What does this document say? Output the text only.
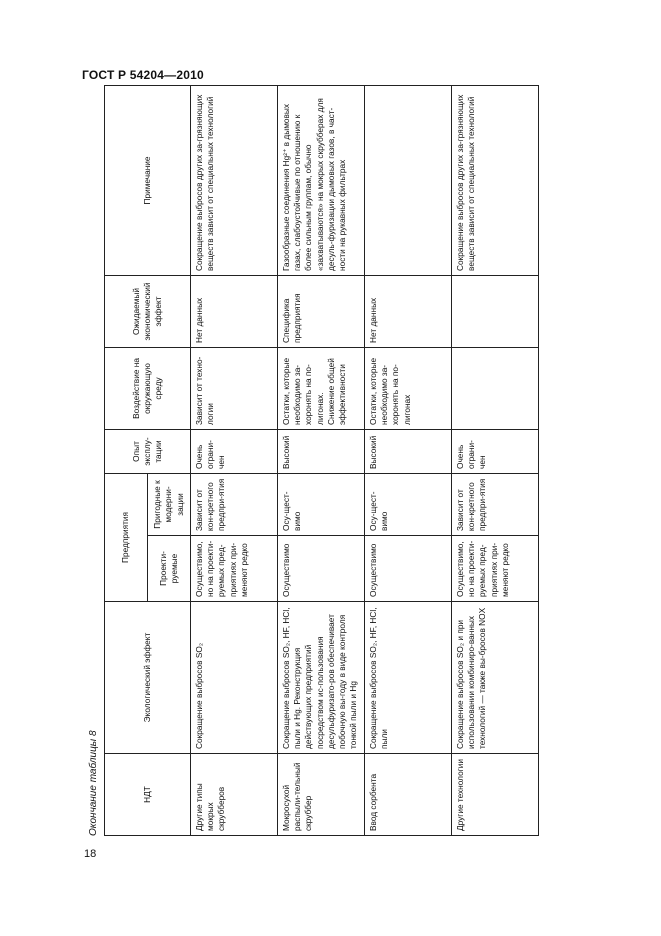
ГОСТ Р 54204—2010
Окончание таблицы 8	НДТ	Экологический эффект	Предприятия		Опыт эксплу-тации	Воздействие на окружающую среду	Ожидаемый экономический эффект	Примечание
		Проекти-руемые	Пригодные к модерни-зации				
Другие типы мокрых скрубберов	Сокращение выбросов SO₂	Осуществимо, но на проекти-руемых пред-приятиях при-меняют редко	Зависит от кон-кретного предпри-ятия	Очень ограни-чен	Зависит от техно-логии	Нет данных	Сокращение выбросов других за-грязняющих веществ зависит от специальных технологий
Мокросухой распыли-тельный скруббер	Сокращение выбросов SO₂, HF, HCl, пыли и Hg. Реконструкция действующих предприятий посредством ис-пользования десульфуризато-ров обеспечивает побочную вы-году в виде контроля тонкой пыли и Hg	Осуществимо	Осу-щест-вимо	Высокий	Остатки, которые необходимо за-хоронять на по-лигонах. Снижение общей эффективности	Специфика предприятия	Газообразные соединения Hg²⁺ в дымовых газах, слабоустойчивые по отношению к более сильным группам, обычно «захватываются» на мокрых скрубберах для десуль-фуризации дымовых газов, в част-ности на рукавных фильтрах
Ввод сорбента	Сокращение выбросов SO₂, HF, HCl, пыли	Осуществимо	Осу-щест-вимо	Высокий	Остатки, которые необходимо за-хоронять на по-лигонах	Нет данных	
Другие технологии	Сокращение выбросов SO₂ и при использовании комбиниро-ванных технологий — также вы-бросов NOX	Осуществимо, но на проекти-руемых пред-приятиях при-меняют редко	Зависит от кон-кретного предпри-ятия	Очень ограни-чен			Сокращение выбросов других за-грязняющих веществ зависит от специальных технологий
18
